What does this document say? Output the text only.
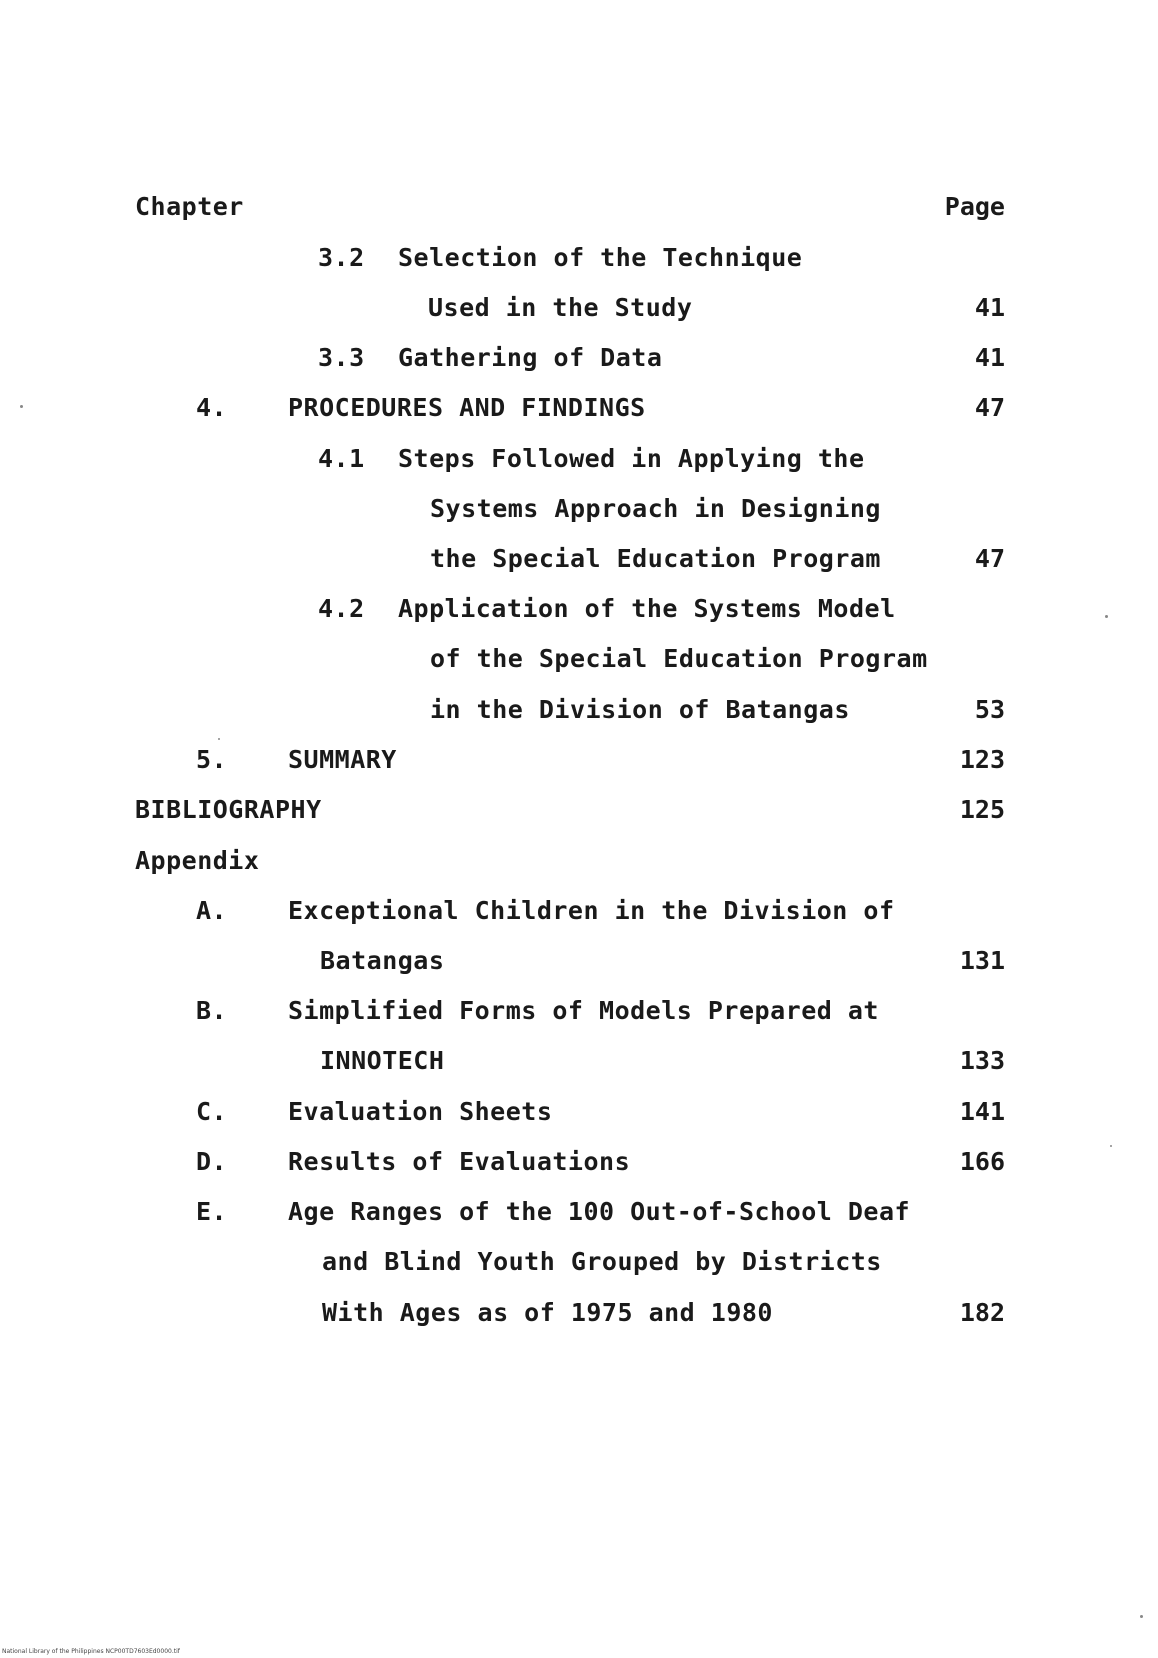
Chapter	Page
3.2 Selection of the Technique
Used in the Study	41
3.3 Gathering of Data	41
4. PROCEDURES AND FINDINGS	47
4.1 Steps Followed in Applying the
Systems Approach in Designing
the Special Education Program	47
4.2 Application of the Systems Model
of the Special Education Program
in the Division of Batangas	53
5. SUMMARY	123
BIBLIOGRAPHY	125
Appendix
A. Exceptional Children in the Division of
Batangas	131
B. Simplified Forms of Models Prepared at
INNOTECH	133
C. Evaluation Sheets	141
D. Results of Evaluations	166
E. Age Ranges of the 100 Out-of-School Deaf
and Blind Youth Grouped by Districts
With Ages as of 1975 and 1980	182
National Library of the Philippines NCP00TD7603Ed0000.tif
